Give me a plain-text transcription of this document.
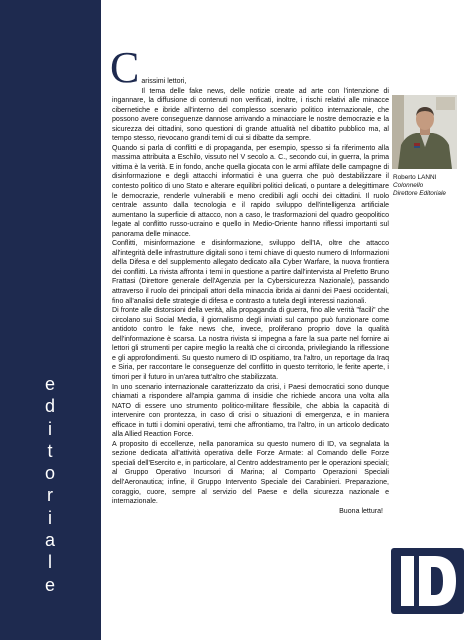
e
d
i
t
o
r
i
a
l
e
C arissimi lettori,

Il tema delle fake news, delle notizie create ad arte con l'intenzione di ingannare, la diffusione di contenuti non verificati, inoltre, i rischi relativi alle minacce cibernetiche e ibride all'interno del complesso scenario politico internazionale, che possono avere conseguenze dannose arrivando a minacciare le nostre democrazie e la sicurezza dei cittadini, sono questioni di grande attualità nel dibattito pubblico ma, al tempo stesso, rievocano grandi temi di cui si dibatte da sempre.

Quando si parla di conflitti e di propaganda, per esempio, spesso si fa riferimento alla massima attribuita a Eschilo, vissuto nel V secolo a. C., secondo cui, in guerra, la prima vittima è la verità. E in fondo, anche quella giocata con le armi affilate delle campagne di disinformazione e degli attacchi informatici è una guerra che può destabilizzare il contesto politico di uno Stato e alterare equilibri politici delicati, o puntare a delegittimare le democrazie, renderle vulnerabili e meno credibili agli occhi dei cittadini. Il ruolo centrale assunto dalla tecnologia e il rapido sviluppo dell'intelligenza artificiale aumentano la superficie di attacco, non a caso, le trasformazioni del quadro geopolitico legate al conflitto russo-ucraino e quello in Medio-Oriente hanno riflessi importanti sul panorama delle minacce.

Conflitti, misinformazione e disinformazione, sviluppo dell'IA, oltre che attacco all'integrità delle infrastrutture digitali sono i temi chiave di questo numero di Informazioni della Difesa e del supplemento allegato dedicato alla Cyber Warfare, la nuova frontiera dei conflitti. La rivista affronta i temi in questione a partire dall'intervista al Prefetto Bruno Frattasi (Direttore generale dell'Agenzia per la Cybersicurezza Nazionale), passando attraverso il ruolo dei principali attori della minaccia ibrida ai danni dei Paesi occidentali, fino all'analisi delle strategie di difesa e contrasto a tutela degli interessi nazionali.

Di fronte alle distorsioni della verità, alla propaganda di guerra, fino alle verità "facili" che circolano sui Social Media, il giornalismo degli inviati sul campo può funzionare come antidoto contro le fake news che, invece, proliferano proprio dove la qualità dell'informazione è scarsa. La nostra rivista si impegna a fare la sua parte nel fornire ai lettori gli strumenti per capire meglio la realtà che ci circonda, privilegiando la riflessione e gli approfondimenti. Su questo numero di ID ospitiamo, tra l'altro, un reportage da Iraq e Siria, per raccontare le conseguenze del conflitto in questo territorio, le ferite aperte, i timori per il futuro in un'area tutt'altro che stabilizzata.

In uno scenario internazionale caratterizzato da crisi, i Paesi democratici sono dunque chiamati a rispondere all'ampia gamma di insidie che richiede ancora una volta alla NATO di essere uno strumento politico-militare flessibile, che abbia la capacità di intervenire con prontezza, in caso di crisi o situazioni di emergenza, e in maniera efficace in tutti i domini operativi, temi che affrontiamo, tra l'altro, in un articolo dedicato alla Allied Reaction Force.

A proposito di eccellenze, nella panoramica su questo numero di ID, va segnalata la sezione dedicata all'attività operativa delle Forze Armate: al Comando delle Forze speciali dell'Esercito e, in particolare, al Centro addestramento per le operazioni speciali; al Gruppo Operativo Incursori di Marina; al Comparto Operazioni Speciali dell'Aeronautica; infine, il Gruppo Intervento Speciale dei Carabinieri. Preparazione, coraggio, cuore, sempre al servizio del Paese e della sicurezza nazionale e internazionale.

Buona lettura!

Roberto LANNI
Colonnello
Direttore Editoriale
